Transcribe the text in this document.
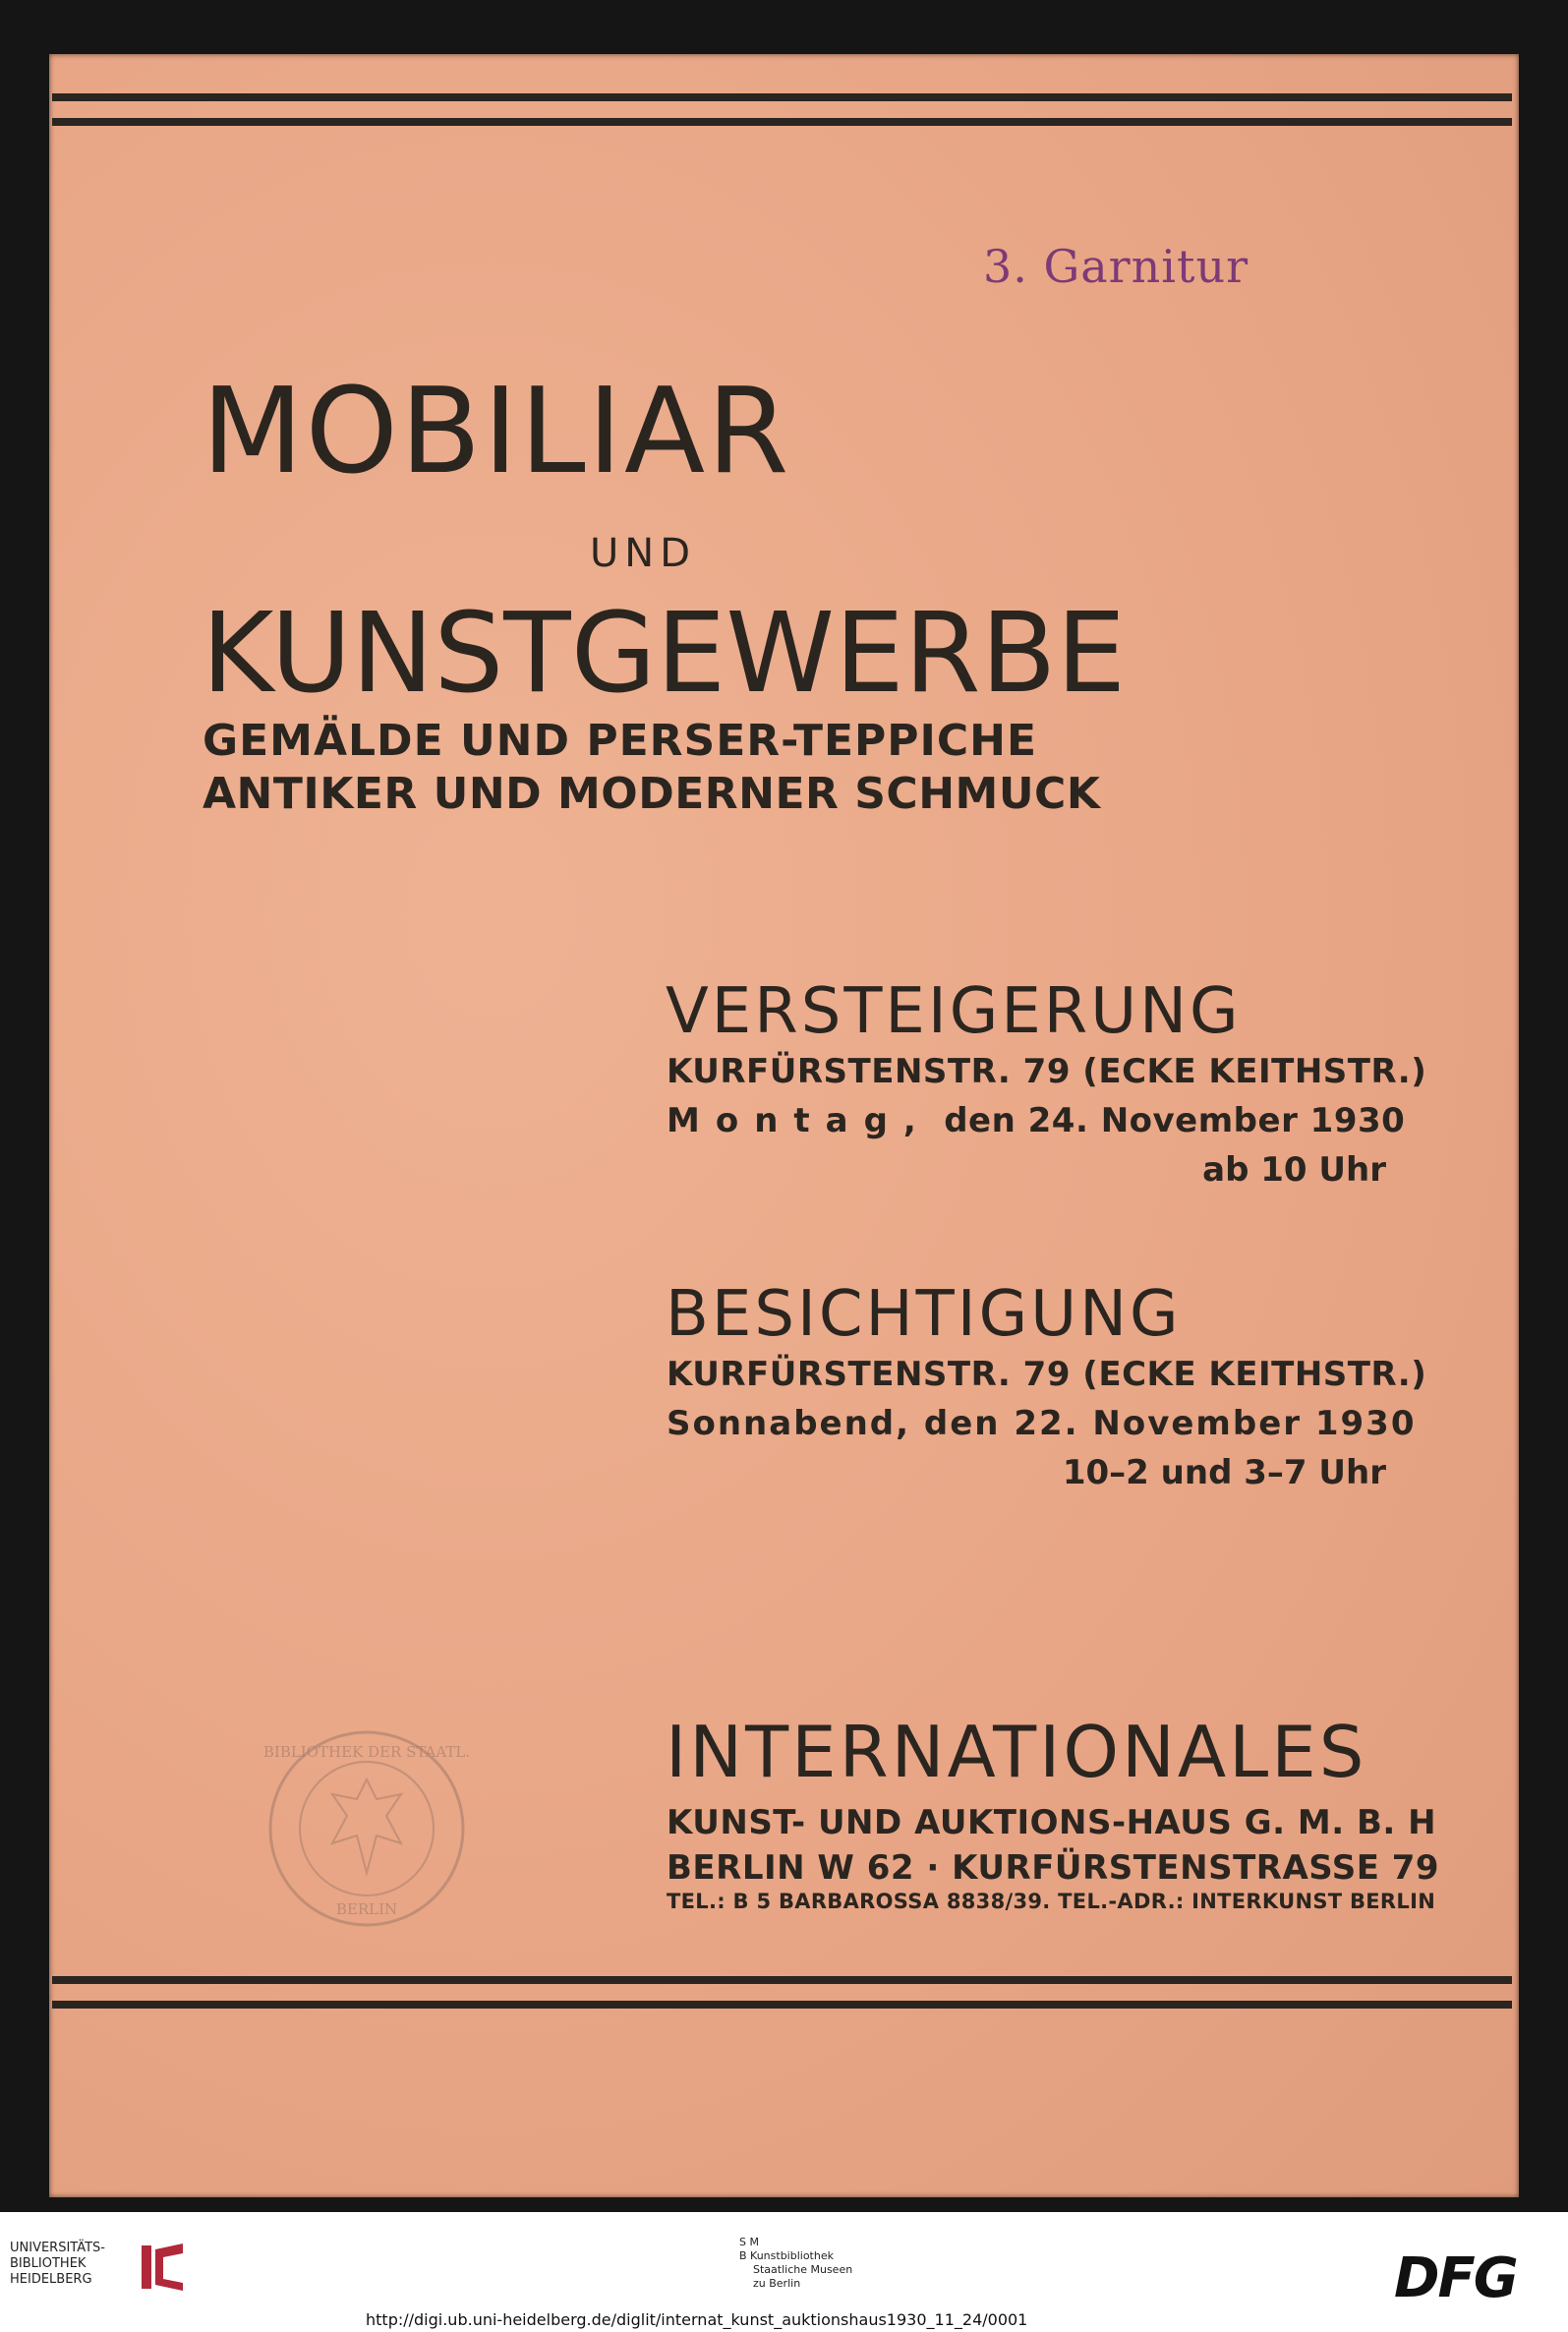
3. Garnitur
MOBILIAR
UND
KUNSTGEWERBE
GEMÄLDE UND PERSER-TEPPICHE
ANTIKER UND MODERNER SCHMUCK
VERSTEIGERUNG
KURFÜRSTENSTR. 79 (ECKE KEITHSTR.)
Montag, den 24. November 1930
ab 10 Uhr
BESICHTIGUNG
KURFÜRSTENSTR. 79 (ECKE KEITHSTR.)
Sonnabend, den 22. November 1930
10–2 und 3–7 Uhr
BIBLIOTHEK DER STAATL.
BERLIN
INTERNATIONALES
KUNST- UND AUKTIONS-HAUS G. M. B. H
BERLIN W 62 · KURFÜRSTENSTRASSE 79
TEL.: B 5 BARBAROSSA 8838/39. TEL.-ADR.: INTERKUNST BERLIN
UNIVERSITÄTS-
BIBLIOTHEK
HEIDELBERG
S M
B Kunstbibliothek
Staatliche Museen
zu Berlin	DFG
http://digi.ub.uni-heidelberg.de/diglit/internat_kunst_auktionshaus1930_11_24/0001
